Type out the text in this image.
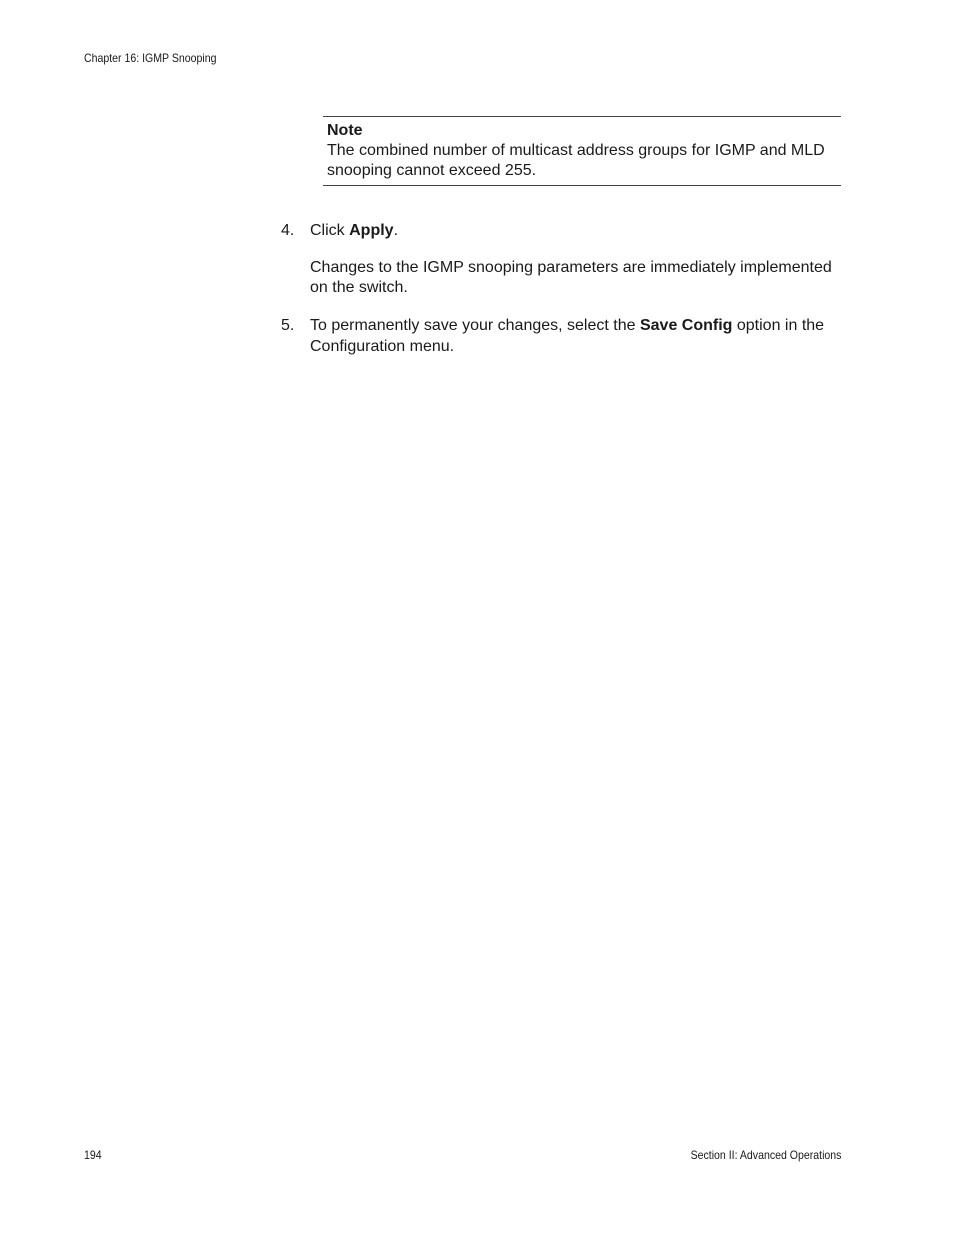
Chapter 16: IGMP Snooping
Note
The combined number of multicast address groups for IGMP and MLD snooping cannot exceed 255.
4. Click Apply.
Changes to the IGMP snooping parameters are immediately implemented on the switch.
5. To permanently save your changes, select the Save Config option in the Configuration menu.
194	Section II: Advanced Operations
